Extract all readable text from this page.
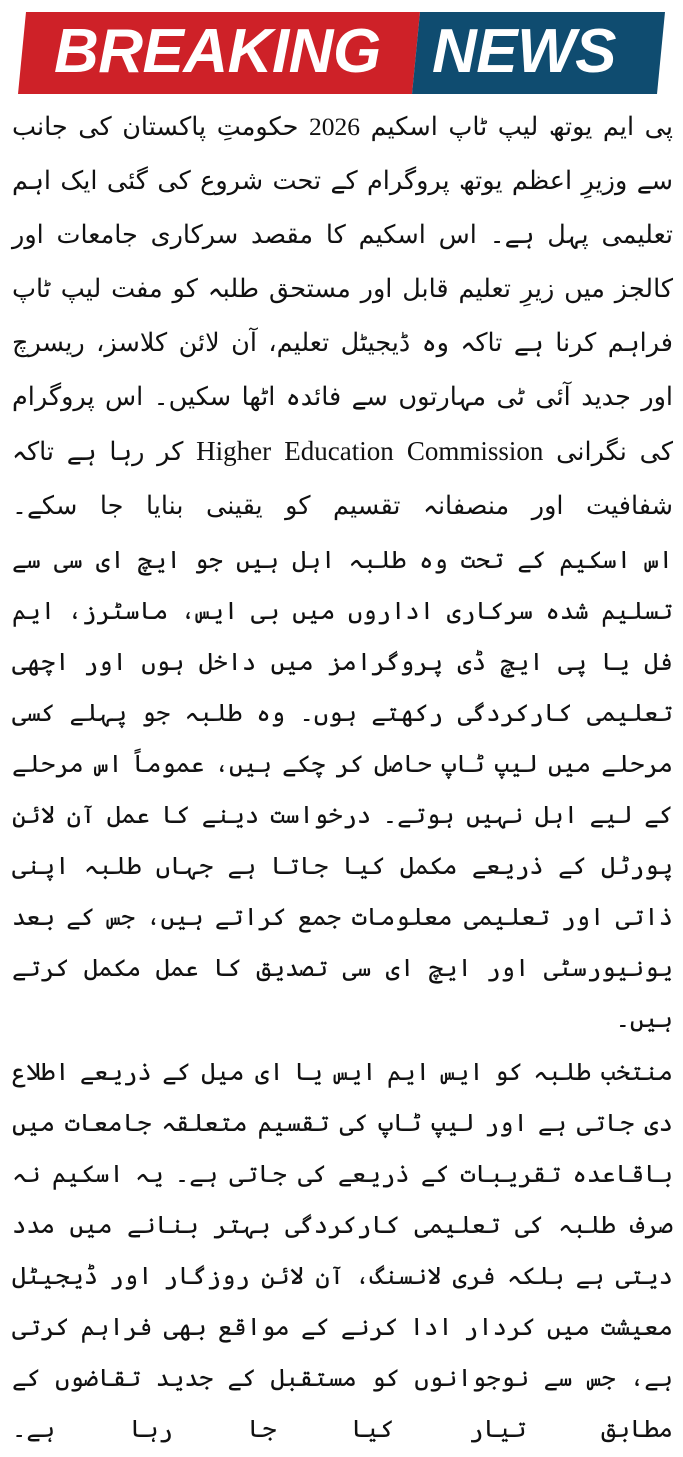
BREAKING NEWS

پی ایم یوتھ لیپ ٹاپ اسکیم 2026 حکومتِ پاکستان کی جانب سے وزیرِ اعظم یوتھ پروگرام کے تحت شروع کی گئی ایک اہم تعلیمی پہل ہے۔ اس اسکیم کا مقصد سرکاری جامعات اور کالجز میں زیرِ تعلیم قابل اور مستحق طلبہ کو مفت لیپ ٹاپ فراہم کرنا ہے تاکہ وہ ڈیجیٹل تعلیم، آن لائن کلاسز، ریسرچ اور جدید آئی ٹی مہارتوں سے فائدہ اٹھا سکیں۔ اس پروگرام کی نگرانی Higher Education Commission کر رہا ہے تاکہ شفافیت اور منصفانہ تقسیم کو یقینی بنایا جا سکے۔

اس اسکیم کے تحت وہ طلبہ اہل ہیں جو ایچ ای سی سے تسلیم شدہ سرکاری اداروں میں بی ایس، ماسٹرز، ایم فل یا پی ایچ ڈی پروگرامز میں داخل ہوں اور اچھی تعلیمی کارکردگی رکھتے ہوں۔ وہ طلبہ جو پہلے کسی مرحلے میں لیپ ٹاپ حاصل کر چکے ہیں، عموماً اس مرحلے کے لیے اہل نہیں ہوتے۔ درخواست دینے کا عمل آن لائن پورٹل کے ذریعے مکمل کیا جاتا ہے جہاں طلبہ اپنی ذاتی اور تعلیمی معلومات جمع کراتے ہیں، جس کے بعد یونیورسٹی اور ایچ ای سی تصدیق کا عمل مکمل کرتے ہیں۔

منتخب طلبہ کو ایس ایم ایس یا ای میل کے ذریعے اطلاع دی جاتی ہے اور لیپ ٹاپ کی تقسیم متعلقہ جامعات میں باقاعدہ تقریبات کے ذریعے کی جاتی ہے۔ یہ اسکیم نہ صرف طلبہ کی تعلیمی کارکردگی بہتر بنانے میں مدد دیتی ہے بلکہ فری لانسنگ، آن لائن روزگار اور ڈیجیٹل معیشت میں کردار ادا کرنے کے مواقع بھی فراہم کرتی ہے، جس سے نوجوانوں کو مستقبل کے جدید تقاضوں کے مطابق تیار کیا جا رہا ہے۔
